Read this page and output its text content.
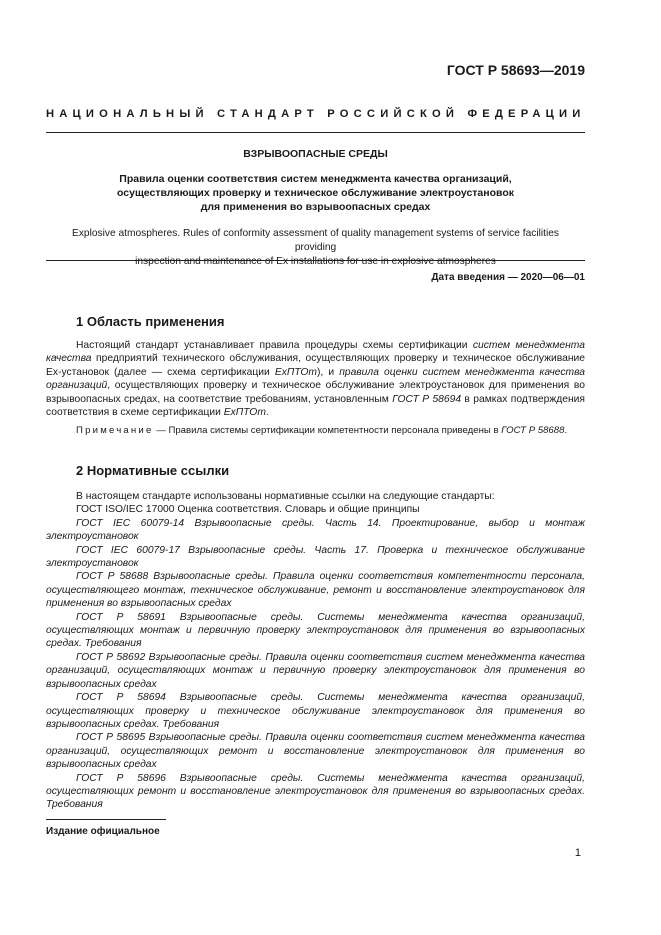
ГОСТ Р 58693—2019
НАЦИОНАЛЬНЫЙ СТАНДАРТ РОССИЙСКОЙ ФЕДЕРАЦИИ
ВЗРЫВООПАСНЫЕ СРЕДЫ
Правила оценки соответствия систем менеджмента качества организаций,
осуществляющих проверку и техническое обслуживание электроустановок
для применения во взрывоопасных средах
Explosive atmospheres. Rules of conformity assessment of quality management systems of service facilities providing
inspection and maintenance of Ex installations for use in explosive atmospheres
Дата введения — 2020—06—01
1 Область применения

Настоящий стандарт устанавливает правила процедуры схемы сертификации систем менеджмента качества предприятий технического обслуживания, осуществляющих проверку и техническое обслуживание Ex-установок (далее — схема сертификации ExПТОт), и правила оценки систем менеджмента качества организаций, осуществляющих проверку и техническое обслуживание электроустановок для применения во взрывоопасных средах, на соответствие требованиям, установленным ГОСТ Р 58694 в рамках подтверждения соответствия в схеме сертификации ExПТОт.

Примечание — Правила системы сертификации компетентности персонала приведены в ГОСТ Р 58688.

2 Нормативные ссылки

В настоящем стандарте использованы нормативные ссылки на следующие стандарты:

ГОСТ ISO/IEC 17000 Оценка соответствия. Словарь и общие принципы

ГОСТ IEC 60079-14 Взрывоопасные среды. Часть 14. Проектирование, выбор и монтаж электроустановок

ГОСТ IEC 60079-17 Взрывоопасные среды. Часть 17. Проверка и техническое обслуживание электроустановок

ГОСТ Р 58688 Взрывоопасные среды. Правила оценки соответствия компетентности персонала, осуществляющего монтаж, техническое обслуживание, ремонт и восстановление электроустановок для применения во взрывоопасных средах

ГОСТ Р 58691 Взрывоопасные среды. Системы менеджмента качества организаций, осуществляющих монтаж и первичную проверку электроустановок для применения во взрывоопасных средах. Требования

ГОСТ Р 58692 Взрывоопасные среды. Правила оценки соответствия систем менеджмента качества организаций, осуществляющих монтаж и первичную проверку электроустановок для применения во взрывоопасных средах

ГОСТ Р 58694 Взрывоопасные среды. Системы менеджмента качества организаций, осуществляющих проверку и техническое обслуживание электроустановок для применения во взрывоопасных средах. Требования

ГОСТ Р 58695 Взрывоопасные среды. Правила оценки соответствия систем менеджмента качества организаций, осуществляющих ремонт и восстановление электроустановок для применения во взрывоопасных средах

ГОСТ Р 58696 Взрывоопасные среды. Системы менеджмента качества организаций, осуществляющих ремонт и восстановление электроустановок для применения во взрывоопасных средах. Требования

Издание официальное
1
